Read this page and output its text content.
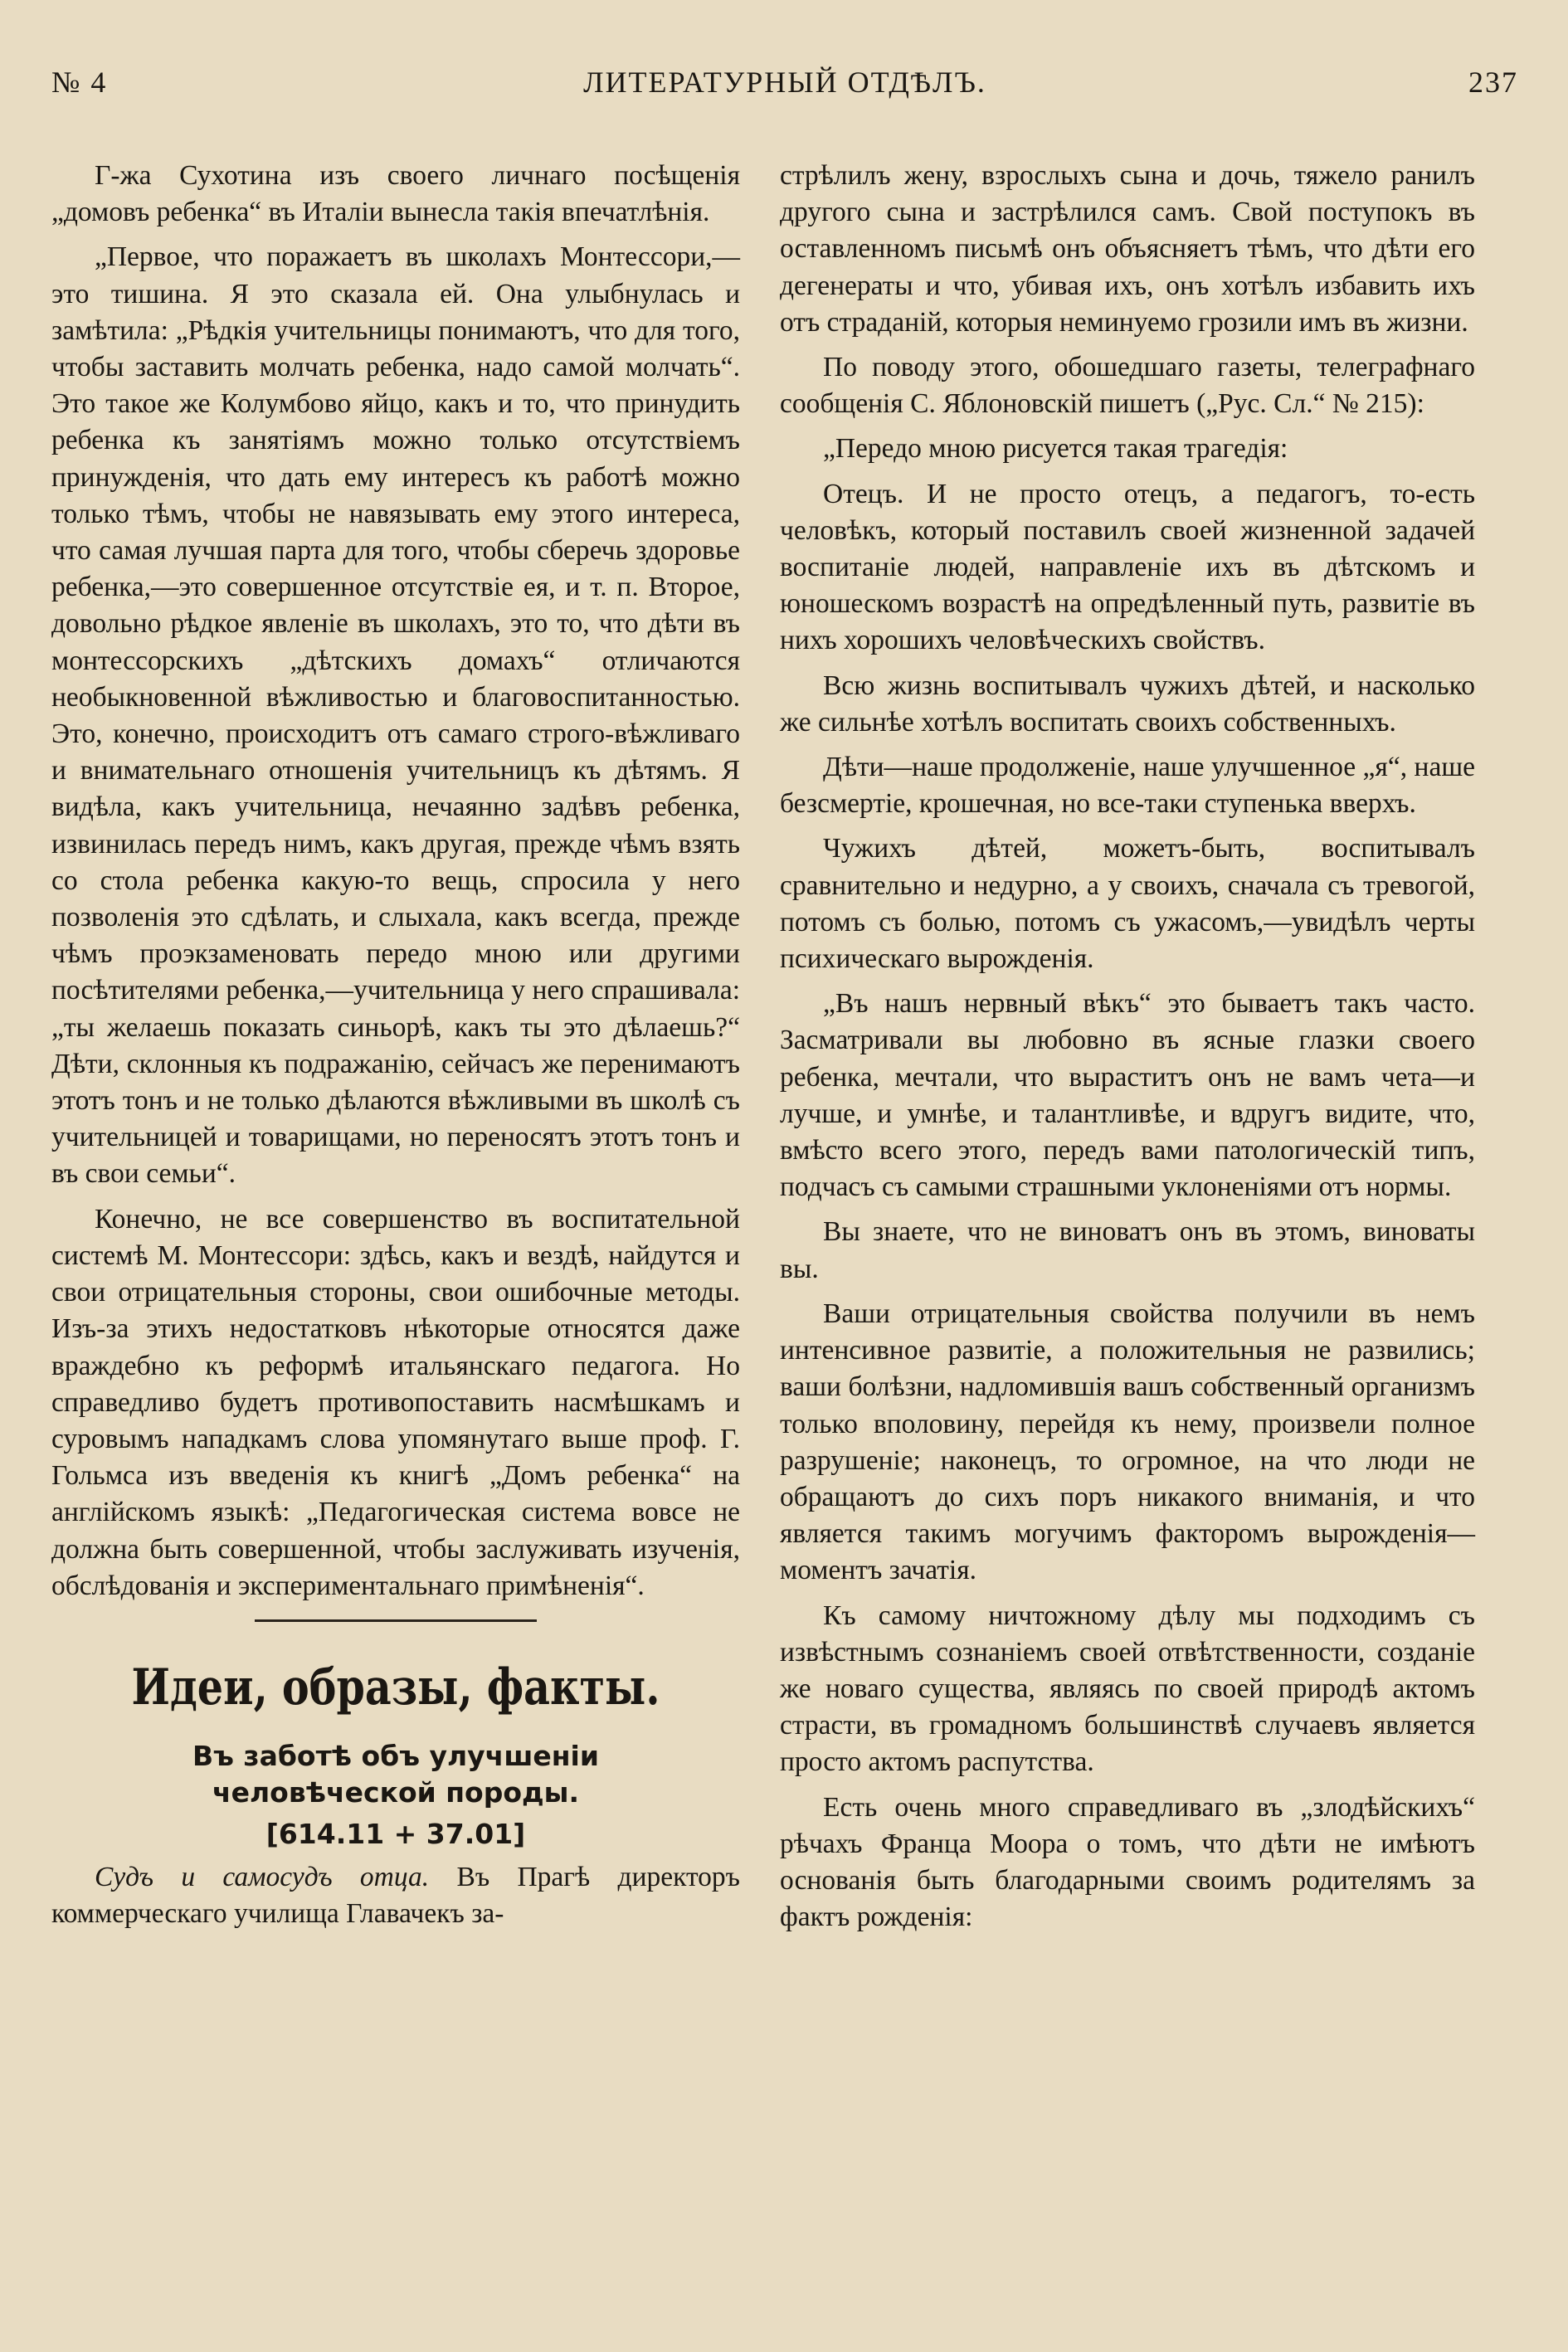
№ 4	ЛИТЕРАТУРНЫЙ ОТДѢЛЪ.	237

Г-жа Сухотина изъ своего личнаго посѣщенія „домовъ ребенка“ въ Италіи вынесла такія впечатлѣнія.

„Первое, что поражаетъ въ школахъ Монтессори,—это тишина. Я это сказала ей. Она улыбнулась и замѣтила: „Рѣдкія учительницы понимаютъ, что для того, чтобы заставить молчать ребенка, надо самой молчать“. Это такое же Колумбово яйцо, какъ и то, что принудить ребенка къ занятіямъ можно только отсутствіемъ принужденія, что дать ему интересъ къ работѣ можно только тѣмъ, чтобы не навязывать ему этого интереса, что самая лучшая парта для того, чтобы сберечь здоровье ребенка,—это совершенное отсутствіе ея, и т. п. Второе, довольно рѣдкое явленіе въ школахъ, это то, что дѣти въ монтессорскихъ „дѣтскихъ домахъ“ отличаются необыкновенной вѣжливостью и благовоспитанностью. Это, конечно, происходитъ отъ самаго строго-вѣжливаго и внимательнаго отношенія учительницъ къ дѣтямъ. Я видѣла, какъ учительница, нечаянно задѣвъ ребенка, извинилась передъ нимъ, какъ другая, прежде чѣмъ взять со стола ребенка какую-то вещь, спросила у него позволенія это сдѣлать, и слыхала, какъ всегда, прежде чѣмъ проэкзаменовать передо мною или другими посѣтителями ребенка,—учительница у него спрашивала: „ты желаешь показать синьорѣ, какъ ты это дѣлаешь?“ Дѣти, склонныя къ подражанію, сейчасъ же перенимаютъ этотъ тонъ и не только дѣлаются вѣжливыми въ школѣ съ учительницей и товарищами, но переносятъ этотъ тонъ и въ свои семьи“.

Конечно, не все совершенство въ воспитательной системѣ М. Монтессори: здѣсь, какъ и вездѣ, найдутся и свои отрицательныя стороны, свои ошибочные методы. Изъ-за этихъ недостатковъ нѣкоторые относятся даже враждебно къ реформѣ итальянскаго педагога. Но справедливо будетъ противопоставить насмѣшкамъ и суровымъ нападкамъ слова упомянутаго выше проф. Г. Гольмса изъ введенія къ книгѣ „Домъ ребенка“ на англійскомъ языкѣ: „Педагогическая система вовсе не должна быть совершенной, чтобы заслуживать изученія, обслѣдованія и экспериментальнаго примѣненія“.

Идеи, образы, факты.
Въ заботѣ объ улучшеніи человѣческой породы.
[614.11 + 37.01]

Судъ и самосудъ отца. Въ Прагѣ директоръ коммерческаго училища Главачекъ за-

стрѣлилъ жену, взрослыхъ сына и дочь, тяжело ранилъ другого сына и застрѣлился самъ. Свой поступокъ въ оставленномъ письмѣ онъ объясняетъ тѣмъ, что дѣти его дегенераты и что, убивая ихъ, онъ хотѣлъ избавить ихъ отъ страданій, которыя неминуемо грозили имъ въ жизни.

По поводу этого, обошедшаго газеты, телеграфнаго сообщенія С. Яблоновскій пишетъ („Рус. Сл.“ № 215):

„Передо мною рисуется такая трагедія:

Отецъ. И не просто отецъ, а педагогъ, то-есть человѣкъ, который поставилъ своей жизненной задачей воспитаніе людей, направленіе ихъ въ дѣтскомъ и юношескомъ возрастѣ на опредѣленный путь, развитіе въ нихъ хорошихъ человѣческихъ свойствъ.

Всю жизнь воспитывалъ чужихъ дѣтей, и насколько же сильнѣе хотѣлъ воспитать своихъ собственныхъ.

Дѣти—наше продолженіе, наше улучшенное „я“, наше безсмертіе, крошечная, но все-таки ступенька вверхъ.

Чужихъ дѣтей, можетъ-быть, воспитывалъ сравнительно и недурно, а у своихъ, сначала съ тревогой, потомъ съ болью, потомъ съ ужасомъ,—увидѣлъ черты психическаго вырожденія.

„Въ нашъ нервный вѣкъ“ это бываетъ такъ часто. Засматривали вы любовно въ ясные глазки своего ребенка, мечтали, что выраститъ онъ не вамъ чета—и лучше, и умнѣе, и талантливѣе, и вдругъ видите, что, вмѣсто всего этого, передъ вами патологическій типъ, подчасъ съ самыми страшными уклоненіями отъ нормы.

Вы знаете, что не виноватъ онъ въ этомъ, виноваты вы.

Ваши отрицательныя свойства получили въ немъ интенсивное развитіе, а положительныя не развились; ваши болѣзни, надломившія вашъ собственный организмъ только вполовину, перейдя къ нему, произвели полное разрушеніе; наконецъ, то огромное, на что люди не обращаютъ до сихъ поръ никакого вниманія, и что является такимъ могучимъ факторомъ вырожденія—моментъ зачатія.

Къ самому ничтожному дѣлу мы подходимъ съ извѣстнымъ сознаніемъ своей отвѣтственности, созданіе же новаго существа, являясь по своей природѣ актомъ страсти, въ громадномъ большинствѣ случаевъ является просто актомъ распутства.

Есть очень много справедливаго въ „злодѣйскихъ“ рѣчахъ Франца Моора о томъ, что дѣти не имѣютъ основанія быть благодарными своимъ родителямъ за фактъ рожденія:
